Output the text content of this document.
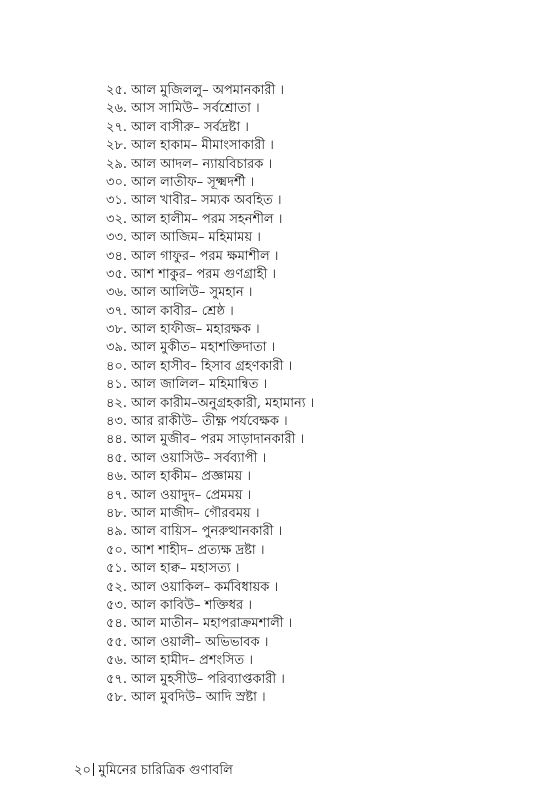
২৫. আল মুজিললু– অপমানকারী ।
২৬. আস সামিউ– সর্বশ্রোতা ।
২৭. আল বাসীরু– সর্বদ্রষ্টা ।
২৮. আল হাকাম– মীমাংসাকারী ।
২৯. আল আদল– ন্যায়বিচারক ।
৩০. আল লাতীফ– সূক্ষ্মদর্শী ।
৩১. আল খাবীর– সম্যক অবহিত ।
৩২. আল হালীম– পরম সহনশীল ।
৩৩. আল আজিম– মহিমাময় ।
৩৪. আল গাফুর– পরম ক্ষমাশীল ।
৩৫. আশ শাকুর– পরম গুণগ্রাহী ।
৩৬. আল আলিউ– সুমহান ।
৩৭. আল কাবীর– শ্রেষ্ঠ ।
৩৮. আল হাফীজ– মহারক্ষক ।
৩৯. আল মুকীত– মহাশক্তিদাতা ।
৪০. আল হাসীব– হিসাব গ্রহণকারী ।
৪১. আল জালিল– মহিমান্বিত ।
৪২. আল কারীম–অনুগ্রহকারী, মহামান্য ।
৪৩. আর রাকীউ– তীক্ষ্ণ পর্যবেক্ষক ।
৪৪. আল মুজীব– পরম সাড়াদানকারী ।
৪৫. আল ওয়াসিউ– সর্বব্যাপী ।
৪৬. আল হাকীম– প্রজ্ঞাময় ।
৪৭. আল ওয়াদুদ– প্রেমময় ।
৪৮. আল মাজীদ– গৌরবময় ।
৪৯. আল বায়িস– পুনরুত্থানকারী ।
৫০. আশ শাহীদ– প্রত্যক্ষ দ্রষ্টা ।
৫১. আল হাক্ব– মহাসত্য ।
৫২. আল ওয়াকিল– কর্মবিধায়ক ।
৫৩. আল কাবিউ– শক্তিধর ।
৫৪. আল মাতীন– মহাপরাক্রমশালী ।
৫৫. আল ওয়ালী– অভিভাবক ।
৫৬. আল হামীদ– প্রশংসিত ।
৫৭. আল মুহসীউ– পরিব্যাপ্তকারী ।
৫৮. আল মুবদিউ– আদি স্রষ্টা ।
২০ মুমিনের চারিত্রিক গুণাবলি
